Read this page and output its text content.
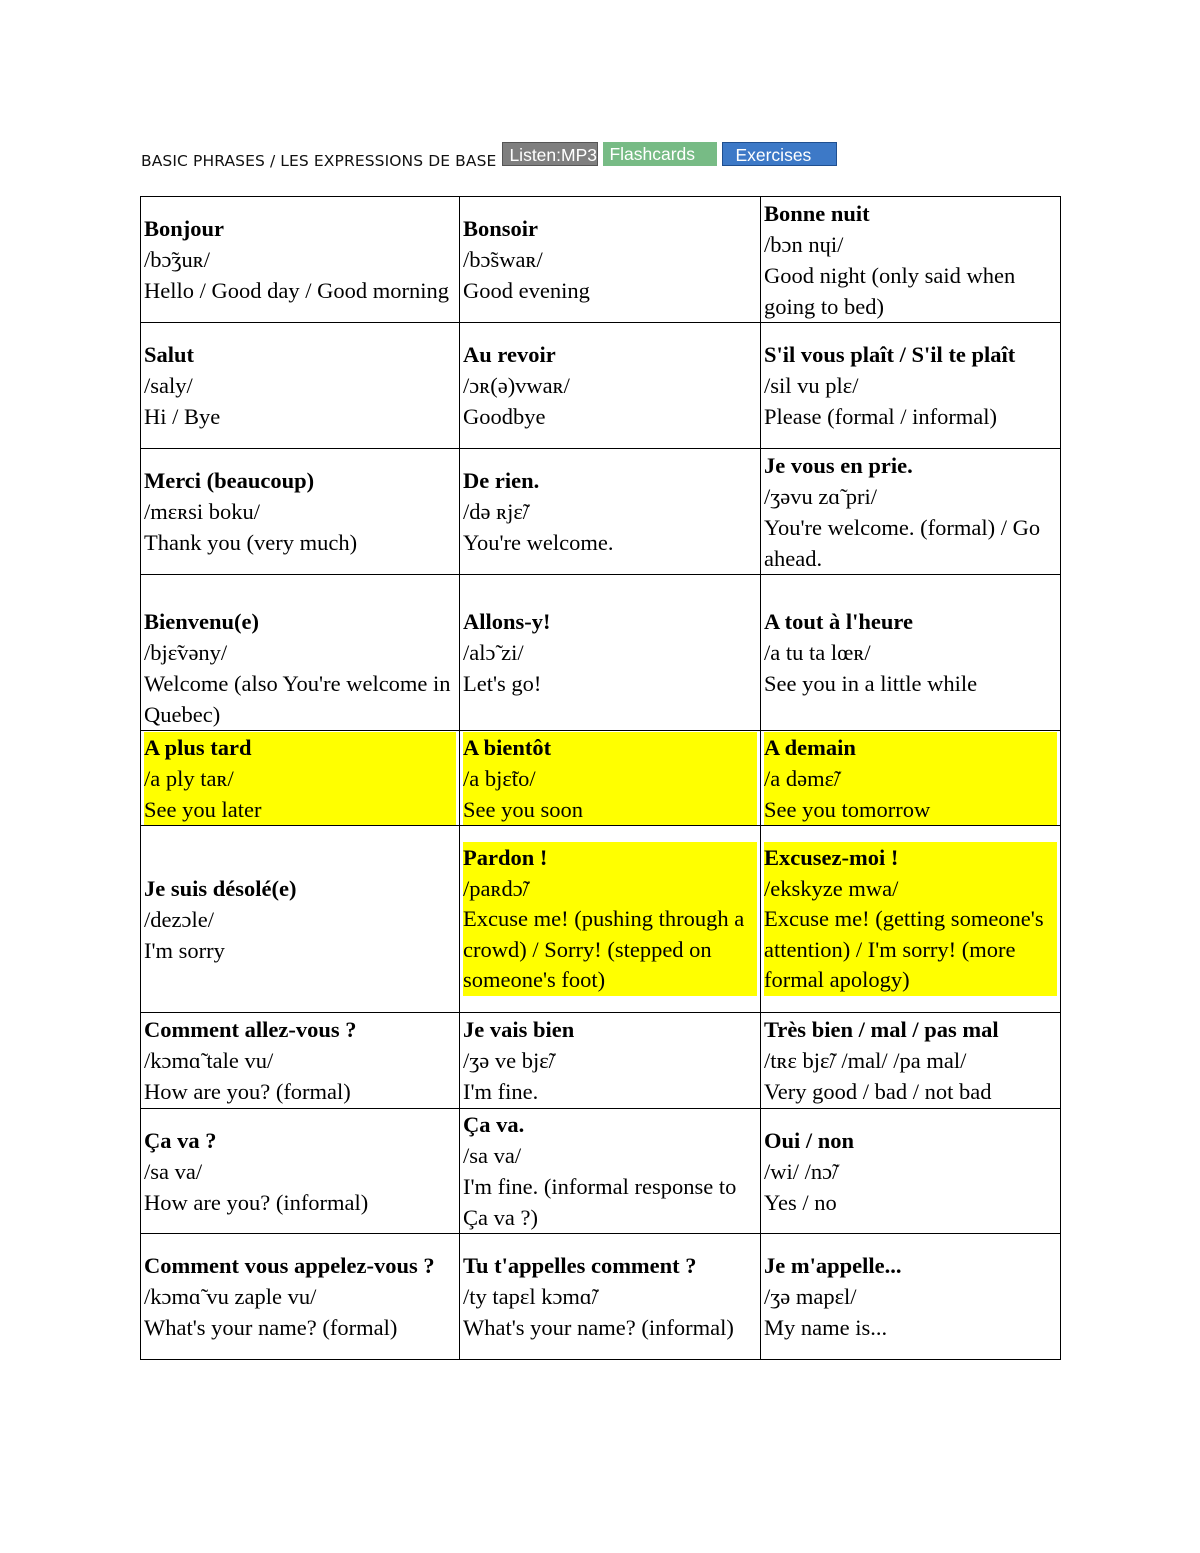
BASIC PHRASES / LES EXPRESSIONS DE BASE Listen:MP3 Flashcards	Exercises
Bonjour
/bɔ̃ʒuʀ/
Hello / Good day / Good morning	Bonsoir
/bɔ̃swaʀ/
Good evening	Bonne nuit
/bɔn nɥi/
Good night (only said when going to bed)

Salut
/saly/
Hi / Bye	Au revoir
/ɔʀ(ə)vwaʀ/
Goodbye	S'il vous plaît / S'il te plaît
/sil vu plɛ/
Please (formal / informal)

Merci (beaucoup)
/mɛʀsi boku/
Thank you (very much)	De rien.
/də ʀjɛ̃/
You're welcome.	Je vous en prie.
/ʒəvu zɑ̃ pri/
You're welcome. (formal) / Go ahead.

Bienvenu(e)
/bjɛ̃vəny/
Welcome (also You're welcome in Quebec)	Allons-y!
/alɔ̃ zi/
Let's go!	A tout à l'heure
/a tu ta lœʀ/
See you in a little while

A plus tard
/a ply taʀ/
See you later	A bientôt
/a bjɛ̃to/
See you soon	A demain
/a dəmɛ̃/
See you tomorrow

Je suis désolé(e)
/dezɔle/
I'm sorry	Pardon !
/paʀdɔ̃/
Excuse me! (pushing through a crowd) / Sorry! (stepped on someone's foot)	Excusez-moi !
/ekskyze mwa/
Excuse me! (getting someone's attention) / I'm sorry! (more formal apology)

Comment allez-vous ?
/kɔmɑ̃ tale vu/
How are you? (formal)	Je vais bien
/ʒə ve bjɛ̃/
I'm fine.	Très bien / mal / pas mal
/tʀɛ bjɛ̃/ /mal/ /pa mal/
Very good / bad / not bad

Ça va ?
/sa va/
How are you? (informal)	Ça va.
/sa va/
I'm fine. (informal response to Ça va ?)	Oui / non
/wi/ /nɔ̃/
Yes / no

Comment vous appelez-vous ?
/kɔmɑ̃ vu zaple vu/
What's your name? (formal)	Tu t'appelles comment ?
/ty tapɛl kɔmɑ̃/
What's your name? (informal)	Je m'appelle...
/ʒə mapɛl/
My name is...
